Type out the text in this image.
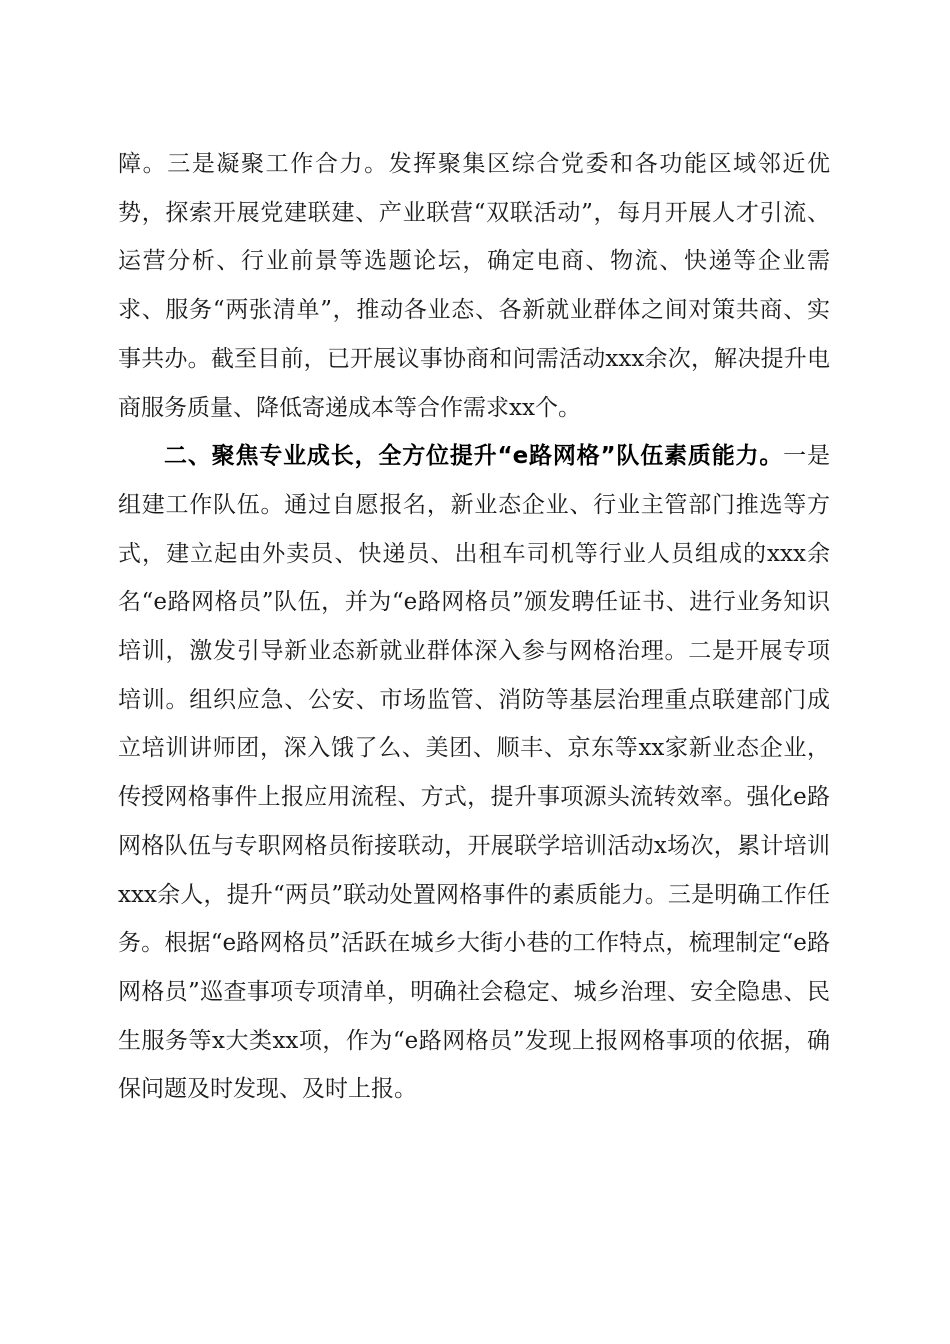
障。三是凝聚工作合力。发挥聚集区综合党委和各功能区域邻近优势，探索开展党建联建、产业联营“双联活动”，每月开展人才引流、运营分析、行业前景等选题论坛，确定电商、物流、快递等企业需求、服务“两张清单”，推动各业态、各新就业群体之间对策共商、实事共办。截至目前，已开展议事协商和问需活动xxx余次，解决提升电商服务质量、降低寄递成本等合作需求xx个。

二、聚焦专业成长，全方位提升“e路网格”队伍素质能力。一是组建工作队伍。通过自愿报名，新业态企业、行业主管部门推选等方式，建立起由外卖员、快递员、出租车司机等行业人员组成的xxx余名“e路网格员”队伍，并为“e路网格员”颁发聘任证书、进行业务知识培训，激发引导新业态新就业群体深入参与网格治理。二是开展专项培训。组织应急、公安、市场监管、消防等基层治理重点联建部门成立培训讲师团，深入饿了么、美团、顺丰、京东等xx家新业态企业，传授网格事件上报应用流程、方式，提升事项源头流转效率。强化e路网格队伍与专职网格员衔接联动，开展联学培训活动x场次，累计培训xxx余人，提升“两员”联动处置网格事件的素质能力。三是明确工作任务。根据“e路网格员”活跃在城乡大街小巷的工作特点，梳理制定“e路网格员”巡查事项专项清单，明确社会稳定、城乡治理、安全隐患、民生服务等x大类xx项，作为“e路网格员”发现上报网格事项的依据，确保问题及时发现、及时上报。
